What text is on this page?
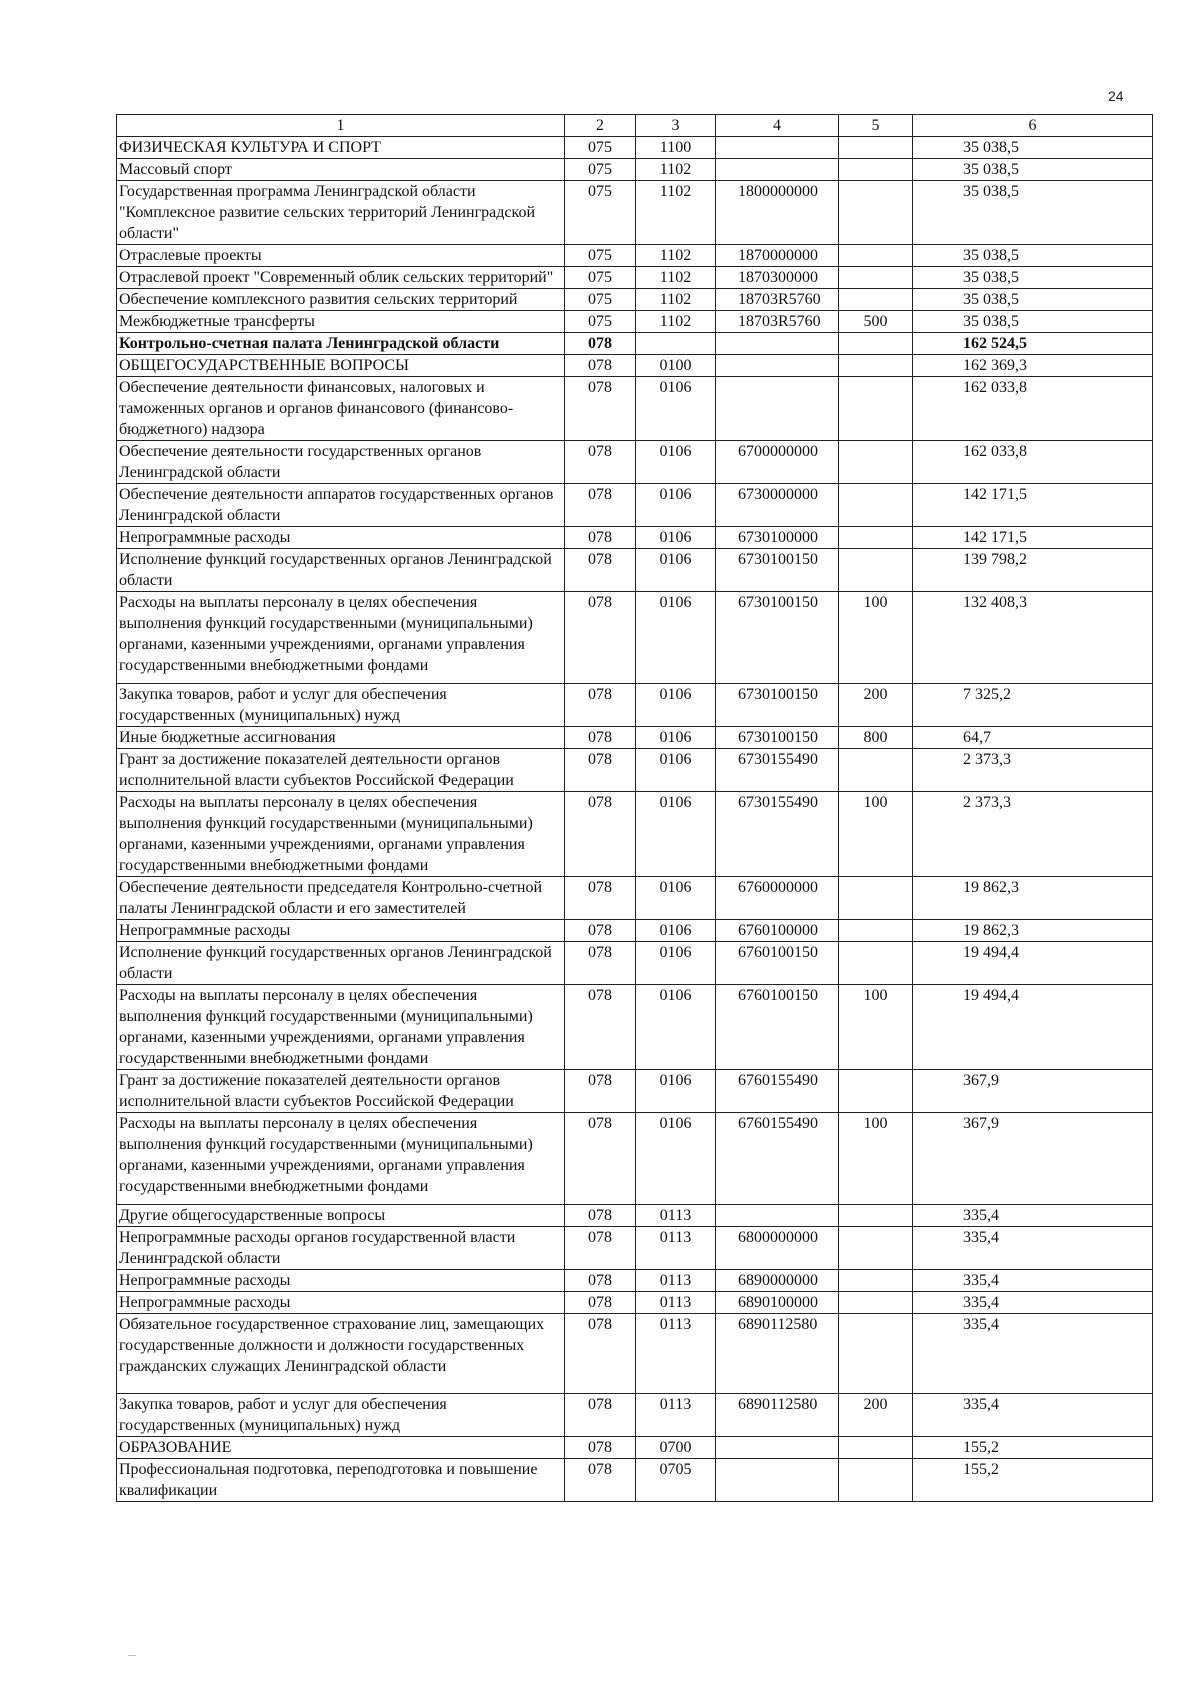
24
1	2	3	4	5	6
ФИЗИЧЕСКАЯ КУЛЬТУРА И СПОРТ	075	1100			35 038,5
Массовый спорт	075	1102			35 038,5
Государственная программа Ленинградской области "Комплексное развитие сельских территорий Ленинградской области"	075	1102	1800000000		35 038,5
Отраслевые проекты	075	1102	1870000000		35 038,5
Отраслевой проект "Современный облик сельских территорий"	075	1102	1870300000		35 038,5
Обеспечение комплексного развития сельских территорий	075	1102	18703R5760		35 038,5
Межбюджетные трансферты	075	1102	18703R5760	500	35 038,5
Контрольно-счетная палата Ленинградской области	078				162 524,5
ОБЩЕГОСУДАРСТВЕННЫЕ ВОПРОСЫ	078	0100			162 369,3
Обеспечение деятельности финансовых, налоговых и таможенных органов и органов финансового (финансово-бюджетного) надзора	078	0106			162 033,8
Обеспечение деятельности государственных органов Ленинградской области	078	0106	6700000000		162 033,8
Обеспечение деятельности аппаратов государственных органов Ленинградской области	078	0106	6730000000		142 171,5
Непрограммные расходы	078	0106	6730100000		142 171,5
Исполнение функций государственных органов Ленинградской области	078	0106	6730100150		139 798,2
Расходы на выплаты персоналу в целях обеспечения выполнения функций государственными (муниципальными) органами, казенными учреждениями, органами управления государственными внебюджетными фондами	078	0106	6730100150	100	132 408,3
Закупка товаров, работ и услуг для обеспечения государственных (муниципальных) нужд	078	0106	6730100150	200	7 325,2
Иные бюджетные ассигнования	078	0106	6730100150	800	64,7
Грант за достижение показателей деятельности органов исполнительной власти субъектов Российской Федерации	078	0106	6730155490		2 373,3
Расходы на выплаты персоналу в целях обеспечения выполнения функций государственными (муниципальными) органами, казенными учреждениями, органами управления государственными внебюджетными фондами	078	0106	6730155490	100	2 373,3
Обеспечение деятельности председателя Контрольно-счетной палаты Ленинградской области и его заместителей	078	0106	6760000000		19 862,3
Непрограммные расходы	078	0106	6760100000		19 862,3
Исполнение функций государственных органов Ленинградской области	078	0106	6760100150		19 494,4
Расходы на выплаты персоналу в целях обеспечения выполнения функций государственными (муниципальными) органами, казенными учреждениями, органами управления государственными внебюджетными фондами	078	0106	6760100150	100	19 494,4
Грант за достижение показателей деятельности органов исполнительной власти субъектов Российской Федерации	078	0106	6760155490		367,9
Расходы на выплаты персоналу в целях обеспечения выполнения функций государственными (муниципальными) органами, казенными учреждениями, органами управления государственными внебюджетными фондами	078	0106	6760155490	100	367,9
Другие общегосударственные вопросы	078	0113			335,4
Непрограммные расходы органов государственной власти Ленинградской области	078	0113	6800000000		335,4
Непрограммные расходы	078	0113	6890000000		335,4
Непрограммные расходы	078	0113	6890100000		335,4
Обязательное государственное страхование лиц, замещающих государственные должности и должности государственных гражданских служащих Ленинградской области	078	0113	6890112580		335,4
Закупка товаров, работ и услуг для обеспечения государственных (муниципальных) нужд	078	0113	6890112580	200	335,4
ОБРАЗОВАНИЕ	078	0700			155,2
Профессиональная подготовка, переподготовка и повышение квалификации	078	0705			155,2
